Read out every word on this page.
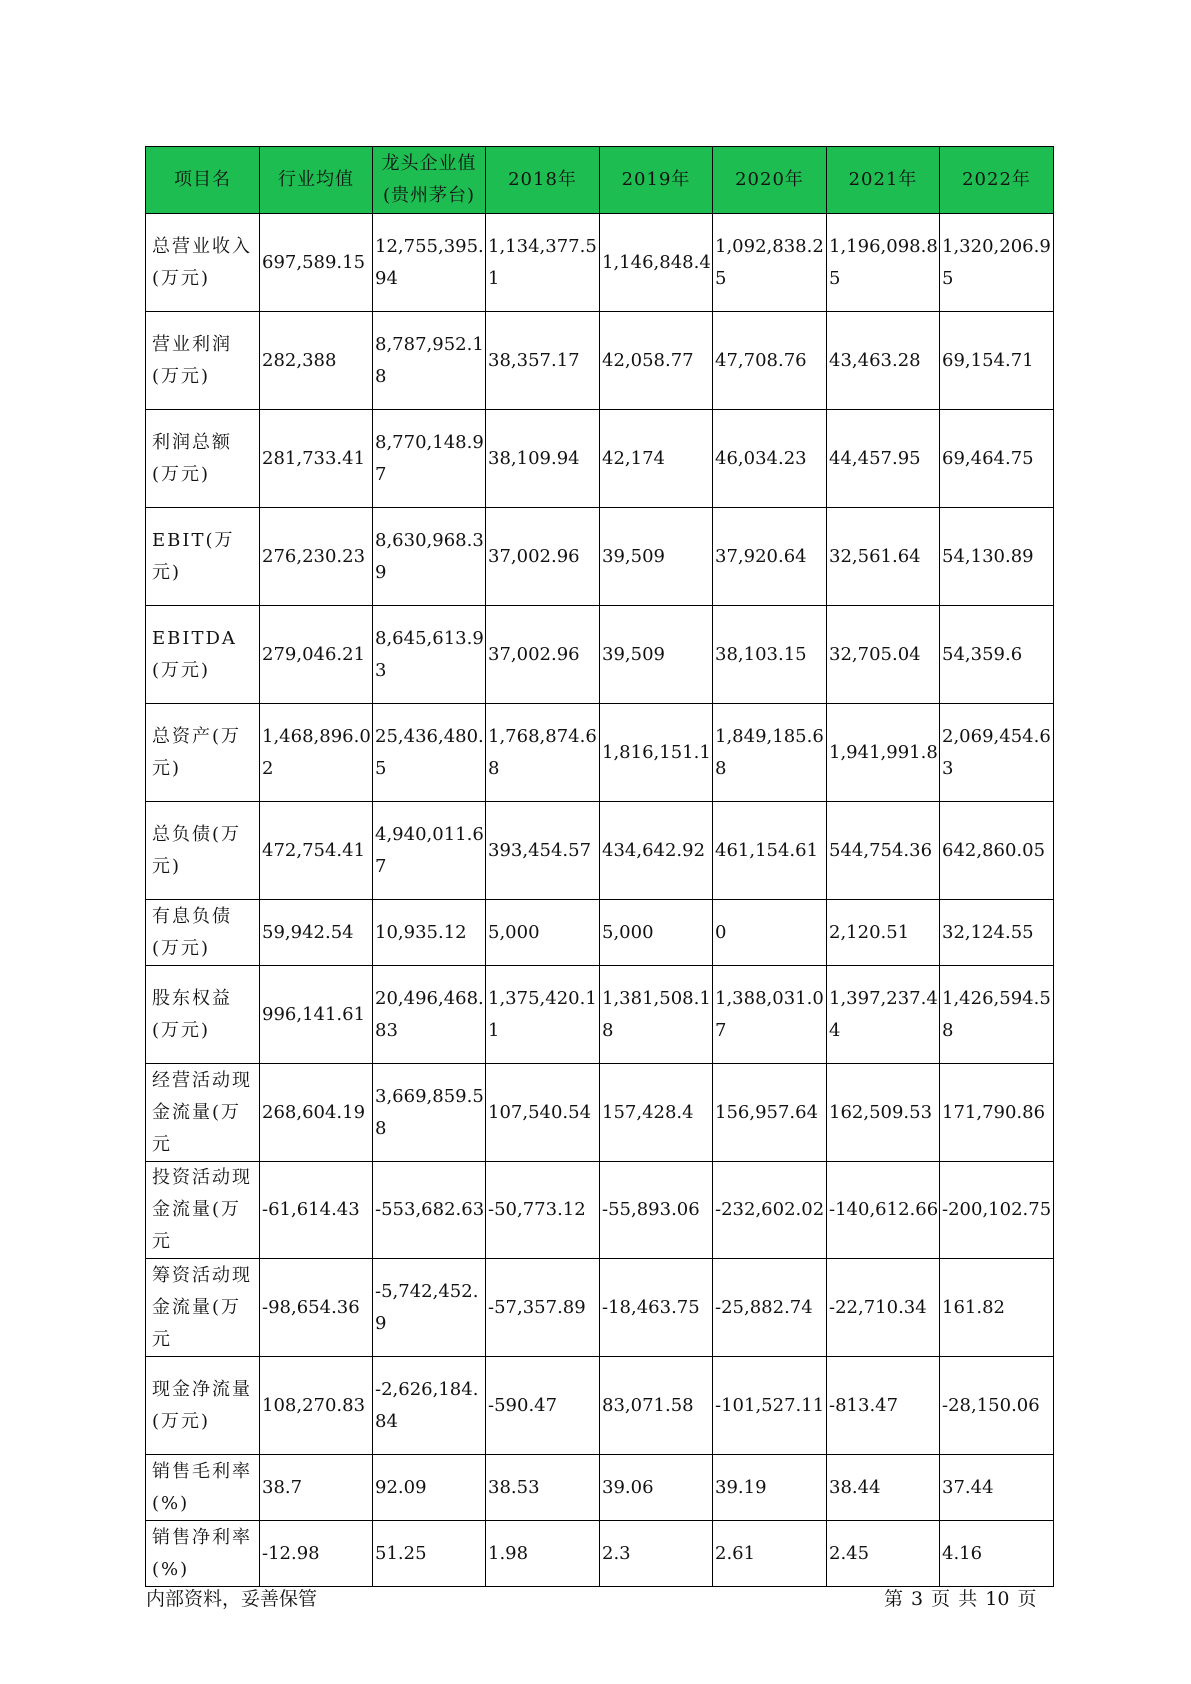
项目名	行业均值	龙头企业值(贵州茅台)	2018年	2019年	2020年	2021年	2022年
总营业收入(万元)	697,589.15	12,755,395.94	1,134,377.51	1,146,848.4	1,092,838.25	1,196,098.85	1,320,206.95
营业利润(万元)	282,388	8,787,952.18	38,357.17	42,058.77	47,708.76	43,463.28	69,154.71
利润总额(万元)	281,733.41	8,770,148.97	38,109.94	42,174	46,034.23	44,457.95	69,464.75
EBIT(万元)	276,230.23	8,630,968.39	37,002.96	39,509	37,920.64	32,561.64	54,130.89
EBITDA(万元)	279,046.21	8,645,613.93	37,002.96	39,509	38,103.15	32,705.04	54,359.6
总资产(万元)	1,468,896.02	25,436,480.5	1,768,874.68	1,816,151.1	1,849,185.68	1,941,991.8	2,069,454.63
总负债(万元)	472,754.41	4,940,011.67	393,454.57	434,642.92	461,154.61	544,754.36	642,860.05
有息负债(万元)	59,942.54	10,935.12	5,000	5,000	0	2,120.51	32,124.55
股东权益(万元)	996,141.61	20,496,468.83	1,375,420.11	1,381,508.18	1,388,031.07	1,397,237.44	1,426,594.58
经营活动现金流量(万元	268,604.19	3,669,859.58	107,540.54	157,428.4	156,957.64	162,509.53	171,790.86
投资活动现金流量(万元	-61,614.43	-553,682.63	-50,773.12	-55,893.06	-232,602.02	-140,612.66	-200,102.75
筹资活动现金流量(万元	-98,654.36	-5,742,452.9	-57,357.89	-18,463.75	-25,882.74	-22,710.34	161.82
现金净流量(万元)	108,270.83	-2,626,184.84	-590.47	83,071.58	-101,527.11	-813.47	-28,150.06
销售毛利率(%)	38.7	92.09	38.53	39.06	39.19	38.44	37.44
销售净利率(%)	-12.98	51.25	1.98	2.3	2.61	2.45	4.16
内部资料，妥善保管	第 3 页 共 10 页
